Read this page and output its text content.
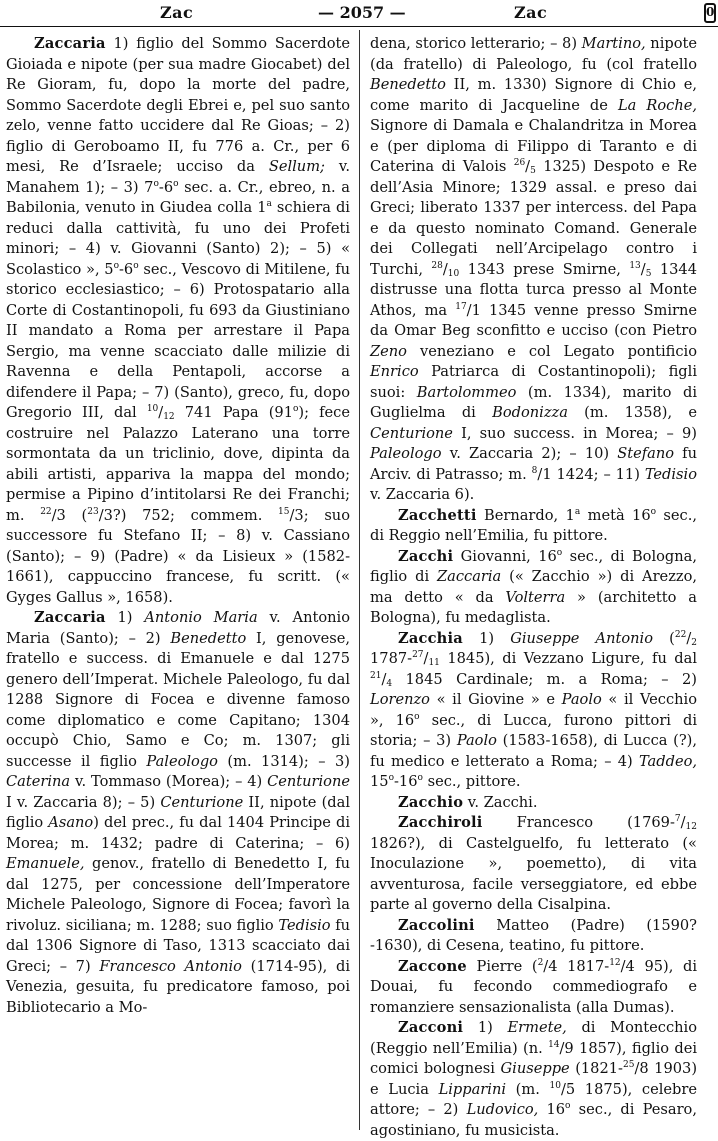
Zac	— 2057 —	Zac	0

Zaccaria 1) figlio del Sommo Sacerdote Gioiada e nipote (per sua madre Giocabet) del Re Gioram, fu, dopo la morte del padre, Sommo Sacerdote degli Ebrei e, pel suo santo zelo, venne fatto uccidere dal Re Gioas; – 2) figlio di Geroboamo II, fu 776 a. Cr., per 6 mesi, Re d’Israele; ucciso da Sellum; v. Manahem 1); – 3) 7$^o$-6$^o$ sec. a. Cr., ebreo, n. a Babilonia, venuto in Giudea colla 1$^a$ schiera di reduci dalla cattività, fu uno dei Profeti minori; – 4) v. Giovanni (Santo) 2); – 5) « Scolastico », 5$^o$-6$^o$ sec., Vescovo di Mitilene, fu storico ecclesiastico; – 6) Protospatario alla Corte di Costantinopoli, fu 693 da Giustiniano II mandato a Roma per arrestare il Papa Sergio, ma venne scacciato dalle milizie di Ravenna e della Pentapoli, accorse a difendere il Papa; – 7) (Santo), greco, fu, dopo Gregorio III, dal $^{10}/_{12}$ 741 Papa (91$^o$); fece costruire nel Palazzo Laterano una torre sormontata da un triclinio, dove, dipinta da abili artisti, appariva la mappa del mondo; permise a Pipino d’intitolarsi Re dei Franchi; m. $^{22}$/3 ($^{23}$/3?) 752; commem. $^{15}$/3; suo successore fu Stefano II; – 8) v. Cassiano (Santo); – 9) (Padre) « da Lisieux » (1582-1661), cappuccino francese, fu scritt. (« Gyges Gallus », 1658).

Zaccaria 1) Antonio Maria v. Antonio Maria (Santo); – 2) Benedetto I, genovese, fratello e success. di Emanuele e dal 1275 genero dell’Imperat. Michele Paleologo, fu dal 1288 Signore di Focea e divenne famoso come diplomatico e come Capitano; 1304 occupò Chio, Samo e Co; m. 1307; gli successe il figlio Paleologo (m. 1314); – 3) Caterina v. Tommaso (Morea); – 4) Centurione I v. Zaccaria 8); – 5) Centurione II, nipote (dal figlio Asano) del prec., fu dal 1404 Principe di Morea; m. 1432; padre di Caterina; – 6) Emanuele, genov., fratello di Benedetto I, fu dal 1275, per concessione dell’Imperatore Michele Paleologo, Signore di Focea; favorì la rivoluz. siciliana; m. 1288; suo figlio Tedisio fu dal 1306 Signore di Taso, 1313 scacciato dai Greci; – 7) Francesco Antonio (1714-95), di Venezia, gesuita, fu predicatore famoso, poi Bibliotecario a Mo-

dena, storico letterario; – 8) Martino, nipote (da fratello) di Paleologo, fu (col fratello Benedetto II, m. 1330) Signore di Chio e, come marito di Jacqueline de La Roche, Signore di Damala e Chalandritza in Morea e (per diploma di Filippo di Taranto e di Caterina di Valois $^{26}/_5$ 1325) Despoto e Re dell’Asia Minore; 1329 assal. e preso dai Greci; liberato 1337 per intercess. del Papa e da questo nominato Comand. Generale dei Collegati nell’Arcipelago contro i Turchi, $^{28}/_{10}$ 1343 prese Smirne, $^{13}/_5$ 1344 distrusse una flotta turca presso al Monte Athos, ma $^{17}$/1 1345 venne presso Smirne da Omar Beg sconfitto e ucciso (con Pietro Zeno veneziano e col Legato pontificio Enrico Patriarca di Costantinopoli); figli suoi: Bartolommeo (m. 1334), marito di Guglielma di Bodonizza (m. 1358), e Centurione I, suo success. in Morea; – 9) Paleologo v. Zaccaria 2); – 10) Stefano fu Arciv. di Patrasso; m. $^8$/1 1424; – 11) Tedisio v. Zaccaria 6).

Zacchetti Bernardo, 1$^a$ metà 16$^o$ sec., di Reggio nell’Emilia, fu pittore.

Zacchi Giovanni, 16$^o$ sec., di Bologna, figlio di Zaccaria (« Zacchio ») di Arezzo, ma detto « da Volterra » (architetto a Bologna), fu medaglista.

Zacchia 1) Giuseppe Antonio ($^{22}/_2$ $1787-^{27}/_{11}$ 1845), di Vezzano Ligure, fu dal $^{21}/_4$ 1845 Cardinale; m. a Roma; – 2) Lorenzo « il Giovine » e Paolo « il Vecchio », 16$^o$ sec., di Lucca, furono pittori di storia; – 3) Paolo (1583-1658), di Lucca (?), fu medico e letterato a Roma; – 4) Taddeo, 15$^o$-16$^o$ sec., pittore.

Zacchio v. Zacchi.

Zacchiroli Francesco ($1769-^7/_{12}$ 1826?), di Castelguelfo, fu letterato (« Inoculazione », poemetto), di vita avventurosa, facile verseggiatore, ed ebbe parte al governo della Cisalpina.

Zaccolini Matteo (Padre) (1590?-1630), di Cesena, teatino, fu pittore.

Zaccone Pierre ($^2$/4 1817-$^{12}$/4 95), di Douai, fu fecondo commediografo e romanziere sensazionalista (alla Dumas).

Zacconi 1) Ermete, di Montecchio (Reggio nell’Emilia) (n. $^{14}$/9 1857), figlio dei comici bolognesi Giuseppe (1821-$^{25}$/8 1903) e Lucia Lipparini (m. $^{10}$/5 1875), celebre attore; – 2) Ludovico, 16$^o$ sec., di Pesaro, agostiniano, fu musicista.
